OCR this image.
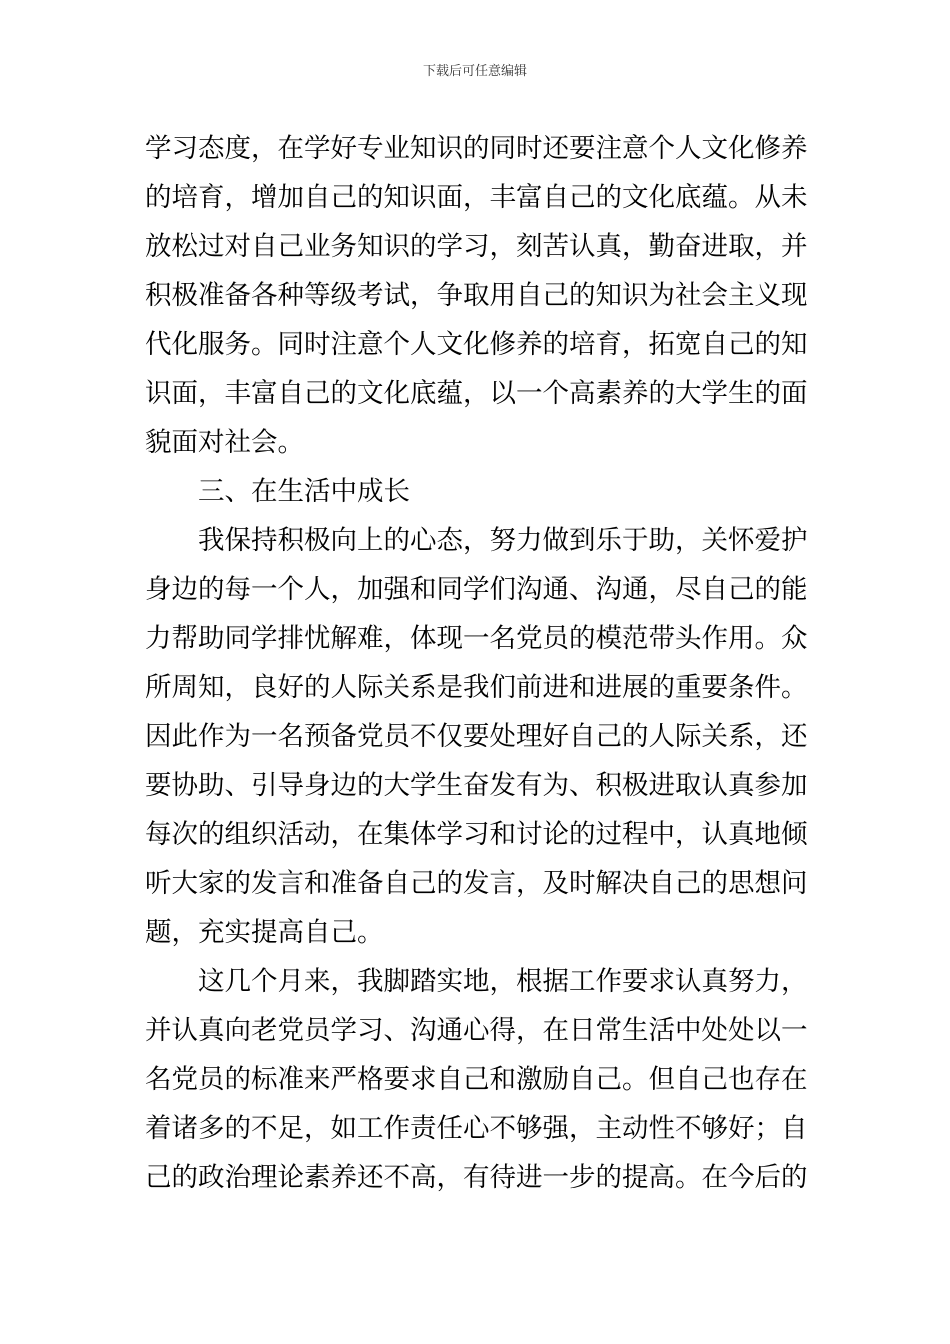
下载后可任意编辑
学习态度，在学好专业知识的同时还要注意个人文化修养
的培育，增加自己的知识面，丰富自己的文化底蕴。从未
放松过对自己业务知识的学习，刻苦认真，勤奋进取，并
积极准备各种等级考试，争取用自己的知识为社会主义现
代化服务。同时注意个人文化修养的培育，拓宽自己的知
识面，丰富自己的文化底蕴，以一个高素养的大学生的面
貌面对社会。
三、在生活中成长
我保持积极向上的心态，努力做到乐于助，关怀爱护
身边的每一个人，加强和同学们沟通、沟通，尽自己的能
力帮助同学排忧解难，体现一名党员的模范带头作用。众
所周知，良好的人际关系是我们前进和进展的重要条件。
因此作为一名预备党员不仅要处理好自己的人际关系，还
要协助、引导身边的大学生奋发有为、积极进取认真参加
每次的组织活动，在集体学习和讨论的过程中，认真地倾
听大家的发言和准备自己的发言，及时解决自己的思想问
题，充实提高自己。
这几个月来，我脚踏实地，根据工作要求认真努力，
并认真向老党员学习、沟通心得，在日常生活中处处以一
名党员的标准来严格要求自己和激励自己。但自己也存在
着诸多的不足，如工作责任心不够强，主动性不够好；自
己的政治理论素养还不高，有待进一步的提高。在今后的
